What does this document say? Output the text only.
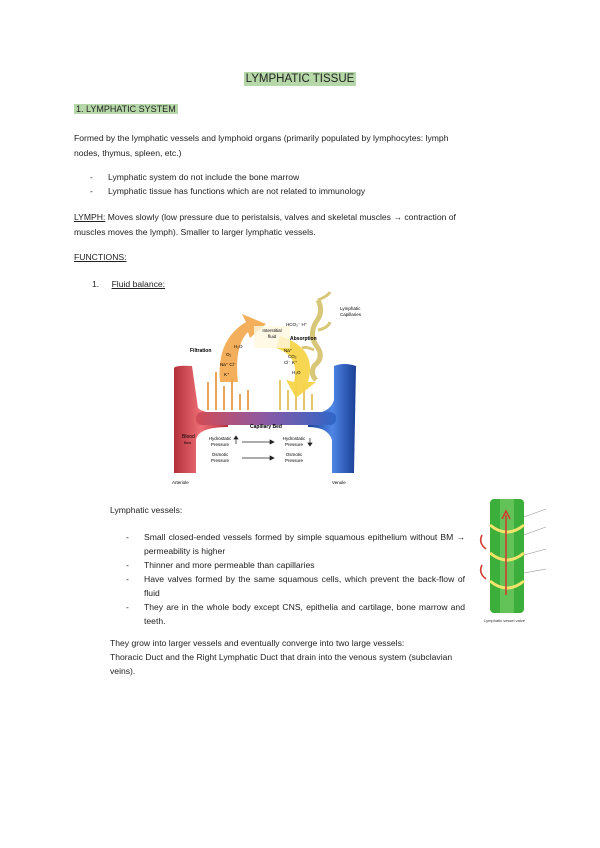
LYMPHATIC TISSUE
1. LYMPHATIC SYSTEM
Formed by the lymphatic vessels and lymphoid organs (primarily populated by lymphocytes: lymph
nodes, thymus, spleen, etc.)
- Lymphatic system do not include the bone marrow
- Lymphatic tissue has functions which are not related to immunology
LYMPH: Moves slowly (low pressure due to peristalsis, valves and skeletal muscles → contraction of
muscles moves the lymph). Smaller to larger lymphatic vessels.
FUNCTIONS:
1. Fluid balance:
Lymphatic
Capillaries
Interstitial
fluid
HCO₃⁻ H⁺
Filtration
Absorption
H₂O
O₂
Na⁺ Cl⁻
K⁺
Na⁺
Cl⁻ K⁺
CO₂
H₂O
Capillary Bed
Blood
flow
Hydrostatic
Pressure
Hydrostatic
Pressure
Osmotic
Pressure
Osmotic
Pressure
Arteriole	Venule
Lymphatic vessels:
- Small closed-ended vessels formed by simple squamous epithelium without BM → permeability is higher
- Thinner and more permeable than capillaries
- Have valves formed by the same squamous cells, which prevent the back-flow of fluid
- They are in the whole body except CNS, epithelia and cartilage, bone marrow and teeth.	Lymphatic vessel valve
They grow into larger vessels and eventually converge into two large vessels:
Thoracic Duct and the Right Lymphatic Duct that drain into the venous system (subclavian
veins).
